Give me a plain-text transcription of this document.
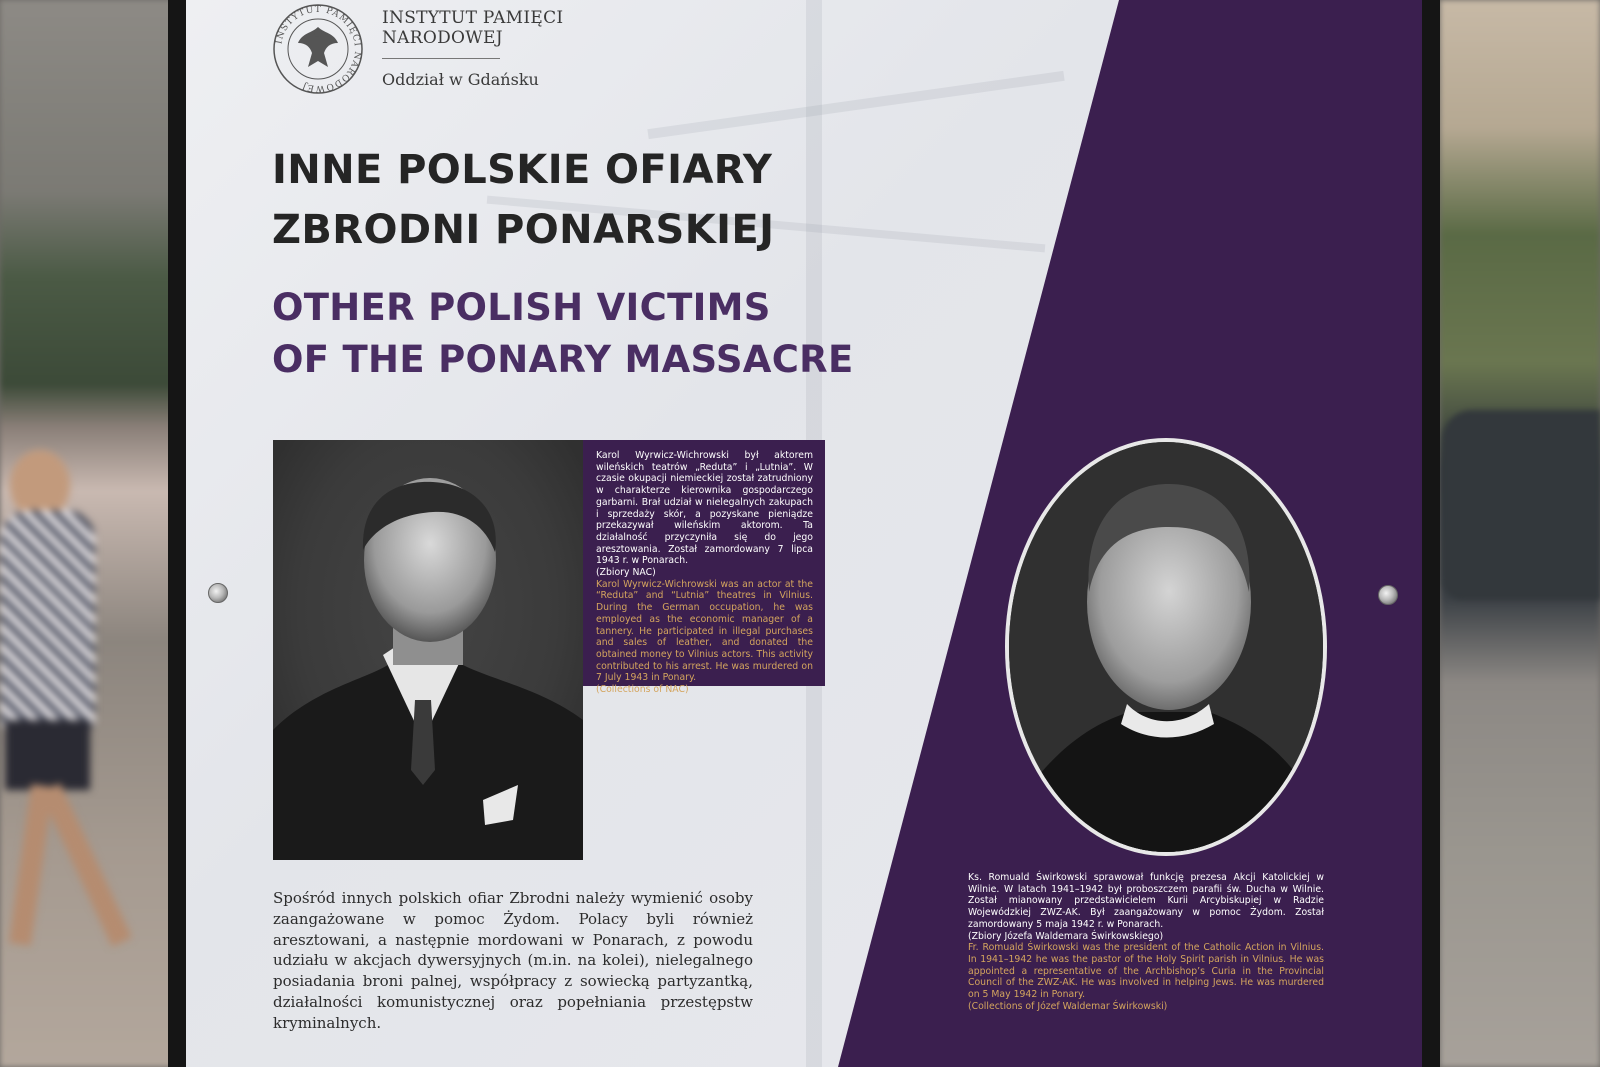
INSTYTUT PAMIĘCI NARODOWEJ

INSTYTUT PAMIĘCI
NARODOWEJ

Oddział w Gdańsku

INNE POLSKIE OFIARY
ZBRODNI PONARSKIEJ
OTHER POLISH VICTIMS
OF THE PONARY MASSACRE

Karol Wyrwicz-Wichrowski był aktorem wileńskich teatrów „Reduta” i „Lutnia”. W czasie okupacji niemieckiej został zatrudniony w charakterze kierownika gospodarczego garbarni. Brał udział w nielegalnych zakupach i sprzedaży skór, a pozyskane pieniądze przekazywał wileńskim aktorom. Ta działalność przyczyniła się do jego aresztowania. Został zamordowany 7 lipca 1943 r. w Ponarach.

(Zbiory NAC)

Karol Wyrwicz-Wichrowski was an actor at the “Reduta” and “Lutnia” theatres in Vilnius. During the German occupation, he was employed as the economic manager of a tannery. He participated in illegal purchases and sales of leather, and donated the obtained money to Vilnius actors. This activity contributed to his arrest. He was murdered on 7 July 1943 in Ponary.

(Collections of NAC)

Ks. Romuald Świrkowski sprawował funkcję prezesa Akcji Katolickiej w Wilnie. W latach 1941–1942 był proboszczem parafii św. Ducha w Wilnie. Został mianowany przedstawicielem Kurii Arcybiskupiej w Radzie Wojewódzkiej ZWZ-AK. Był zaangażowany w pomoc Żydom. Został zamordowany 5 maja 1942 r. w Ponarach.

(Zbiory Józefa Waldemara Świrkowskiego)

Fr. Romuald Świrkowski was the president of the Catholic Action in Vilnius. In 1941–1942 he was the pastor of the Holy Spirit parish in Vilnius. He was appointed a representative of the Archbishop’s Curia in the Provincial Council of the ZWZ-AK. He was involved in helping Jews. He was murdered on 5 May 1942 in Ponary.

(Collections of Józef Waldemar Świrkowski)

Spośród innych polskich ofiar Zbrodni należy wymienić osoby zaangażowane w pomoc Żydom. Polacy byli również aresztowani, a następnie mordowani w Ponarach, z powodu udziału w akcjach dywersyjnych (m.in. na kolei), nielegalnego posiadania broni palnej, współpracy z sowiecką partyzantką, działalności komunistycznej oraz popełniania przestępstw kryminalnych.
